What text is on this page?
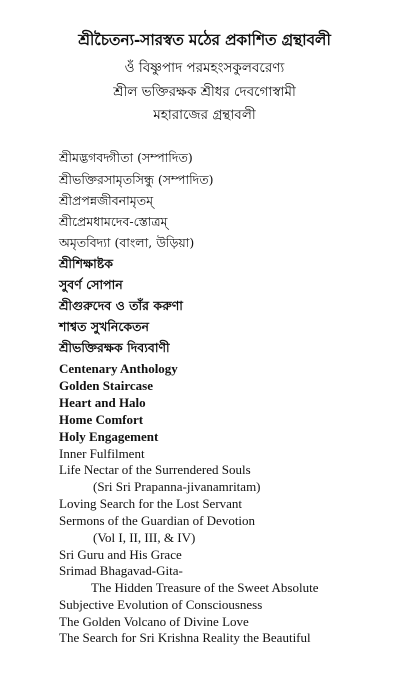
শ্রীচৈতন্য-সারস্বত মঠের প্রকাশিত গ্রন্থাবলী
ওঁ বিষ্ণুপাদ পরমহংসকুলবরেণ্য
শ্রীল ভক্তিরক্ষক শ্রীধর দেবগোস্বামী
মহারাজের গ্রন্থাবলী
শ্রীমদ্ভগবদ্গীতা (সম্পাদিত)
শ্রীভক্তিরসামৃতসিন্ধু (সম্পাদিত)
শ্রীপ্রপন্নজীবনামৃতম্
শ্রীপ্রেমধামদেব-স্তোত্রম্
অমৃতবিদ্যা (বাংলা, উড়িয়া)
শ্রীশিক্ষাষ্টক
সুবর্ণ সোপান
শ্রীগুরুদেব ও তাঁর করুণা
শাশ্বত সুখনিকেতন
শ্রীভক্তিরক্ষক দিব্যবাণী
Centenary Anthology
Golden Staircase
Heart and Halo
Home Comfort
Holy Engagement
Inner Fulfilment
Life Nectar of the Surrendered Souls
(Sri Sri Prapanna-jivanamritam)
Loving Search for the Lost Servant
Sermons of the Guardian of Devotion
(Vol I, II, III, & IV)
Sri Guru and His Grace
Srimad Bhagavad-Gita-
The Hidden Treasure of the Sweet Absolute
Subjective Evolution of Consciousness
The Golden Volcano of Divine Love
The Search for Sri Krishna Reality the Beautiful
